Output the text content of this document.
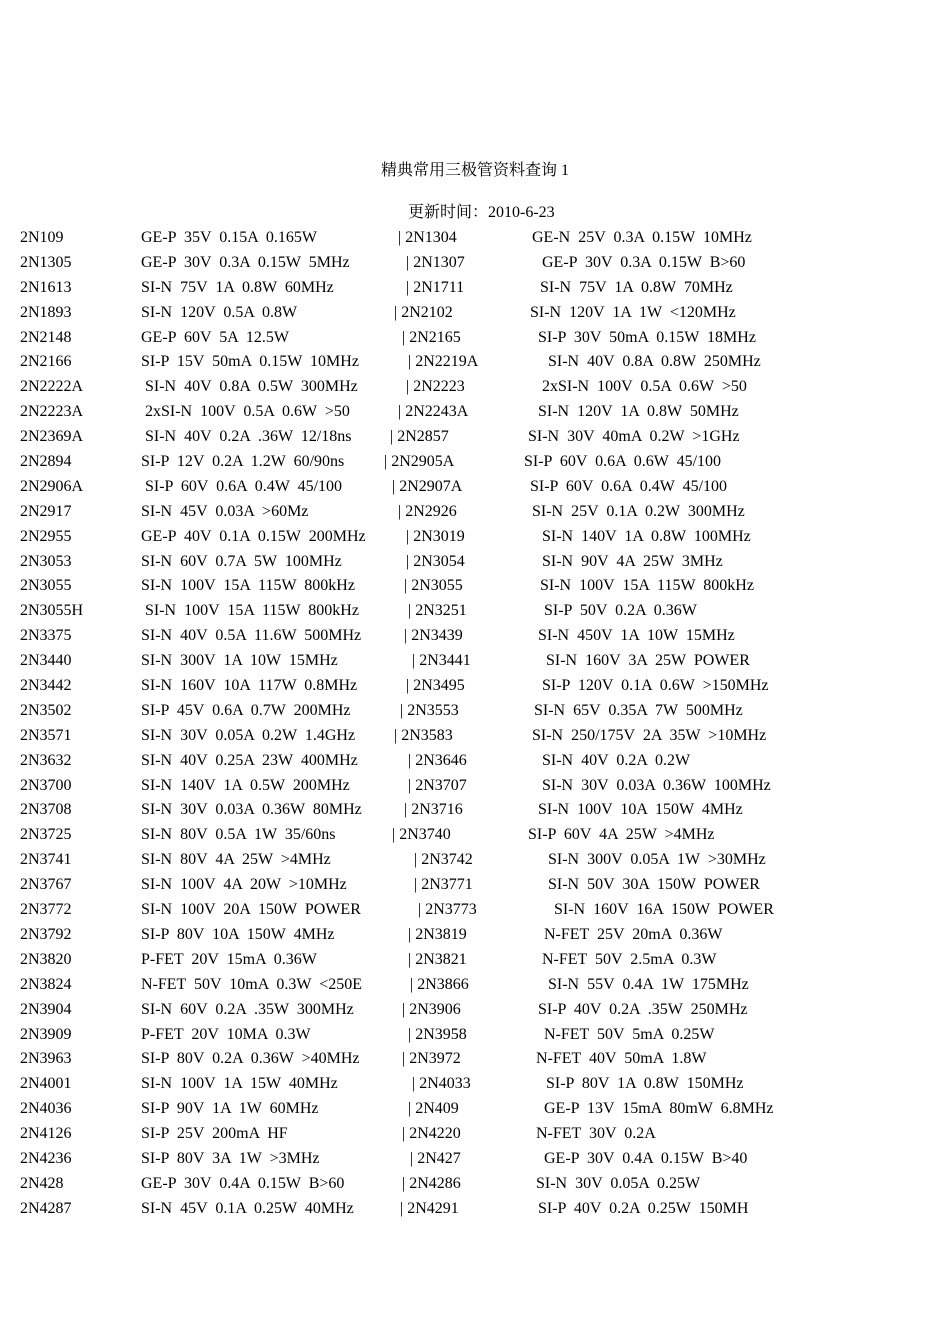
精典常用三极管资料查询 1
更新时间：2010-6-23
2N109	GE-P  35V  0.15A  0.165W	| 2N1304	GE-N  25V  0.3A  0.15W  10MHz
2N1305	GE-P  30V  0.3A  0.15W  5MHz	| 2N1307	GE-P  30V  0.3A  0.15W  B>60
2N1613	SI-N  75V  1A  0.8W  60MHz	| 2N1711	SI-N  75V  1A  0.8W  70MHz
2N1893	SI-N  120V  0.5A  0.8W	| 2N2102	SI-N  120V  1A  1W  <120MHz
2N2148	GE-P  60V  5A  12.5W	| 2N2165	SI-P  30V  50mA  0.15W  18MHz
2N2166	SI-P  15V  50mA  0.15W  10MHz	| 2N2219A	SI-N  40V  0.8A  0.8W  250MHz
2N2222A	SI-N  40V  0.8A  0.5W  300MHz	| 2N2223	2xSI-N  100V  0.5A  0.6W  >50
2N2223A	2xSI-N  100V  0.5A  0.6W  >50	| 2N2243A	SI-N  120V  1A  0.8W  50MHz
2N2369A	SI-N  40V  0.2A  .36W  12/18ns | 2N2857	SI-N  30V  40mA  0.2W  >1GHz
2N2894	SI-P  12V  0.2A  1.2W  60/90ns | 2N2905A	SI-P  60V  0.6A  0.6W  45/100
2N2906A	SI-P  60V  0.6A  0.4W  45/100	| 2N2907A	SI-P  60V  0.6A  0.4W  45/100
2N2917	SI-N  45V  0.03A  >60Mz	| 2N2926	SI-N  25V  0.1A  0.2W  300MHz
2N2955	GE-P  40V  0.1A  0.15W  200MHz	| 2N3019	SI-N  140V  1A  0.8W  100MHz
2N3053	SI-N  60V  0.7A  5W  100MHz	| 2N3054	SI-N  90V  4A  25W  3MHz
2N3055	SI-N  100V  15A  115W  800kHz	| 2N3055	SI-N  100V  15A  115W  800kHz
2N3055H	SI-N  100V  15A  115W  800kHz	| 2N3251	SI-P  50V  0.2A  0.36W
2N3375	SI-N  40V  0.5A  11.6W  500MHz	| 2N3439	SI-N  450V  1A  10W  15MHz
2N3440	SI-N  300V  1A  10W  15MHz	| 2N3441	SI-N  160V  3A  25W  POWER
2N3442	SI-N  160V  10A  117W  0.8MHz	| 2N3495	SI-P  120V  0.1A  0.6W  >150MHz
2N3502	SI-P  45V  0.6A  0.7W  200MHz	| 2N3553	SI-N  65V  0.35A  7W  500MHz
2N3571	SI-N  30V  0.05A  0.2W  1.4GHz | 2N3583	SI-N  250/175V  2A  35W  >10MHz
2N3632	SI-N  40V  0.25A  23W  400MHz	| 2N3646	SI-N  40V  0.2A  0.2W
2N3700	SI-N  140V  1A  0.5W  200MHz	| 2N3707	SI-N  30V  0.03A  0.36W  100MHz
2N3708	SI-N  30V  0.03A  0.36W  80MHz	| 2N3716	SI-N  100V  10A  150W  4MHz
2N3725	SI-N  80V  0.5A  1W  35/60ns	| 2N3740	SI-P  60V  4A  25W  >4MHz
2N3741	SI-N  80V  4A  25W  >4MHz	| 2N3742	SI-N  300V  0.05A  1W  >30MHz
2N3767	SI-N  100V  4A  20W  >10MHz	| 2N3771	SI-N  50V  30A  150W  POWER
2N3772	SI-N  100V  20A  150W  POWER	| 2N3773	SI-N  160V  16A  150W  POWER
2N3792	SI-P  80V  10A  150W  4MHz	| 2N3819	N-FET  25V  20mA  0.36W
2N3820	P-FET  20V  15mA  0.36W	| 2N3821	N-FET  50V  2.5mA  0.3W
2N3824	N-FET  50V  10mA  0.3W  <250E	| 2N3866	SI-N  55V  0.4A  1W  175MHz
2N3904	SI-N  60V  0.2A  .35W  300MHz	| 2N3906	SI-P  40V  0.2A  .35W  250MHz
2N3909	P-FET  20V  10MA  0.3W	| 2N3958	N-FET  50V  5mA  0.25W
2N3963	SI-P  80V  0.2A  0.36W  >40MHz	| 2N3972	N-FET  40V  50mA  1.8W
2N4001	SI-N  100V  1A  15W  40MHz	| 2N4033	SI-P  80V  1A  0.8W  150MHz
2N4036	SI-P  90V  1A  1W  60MHz	| 2N409	GE-P  13V  15mA  80mW  6.8MHz
2N4126	SI-P  25V  200mA  HF	| 2N4220	N-FET  30V  0.2A
2N4236	SI-P  80V  3A  1W  >3MHz	| 2N427	GE-P  30V  0.4A  0.15W  B>40
2N428	GE-P  30V  0.4A  0.15W  B>60	| 2N4286	SI-N  30V  0.05A  0.25W
2N4287	SI-N  45V  0.1A  0.25W  40MHz	| 2N4291	SI-P  40V  0.2A  0.25W  150MH
